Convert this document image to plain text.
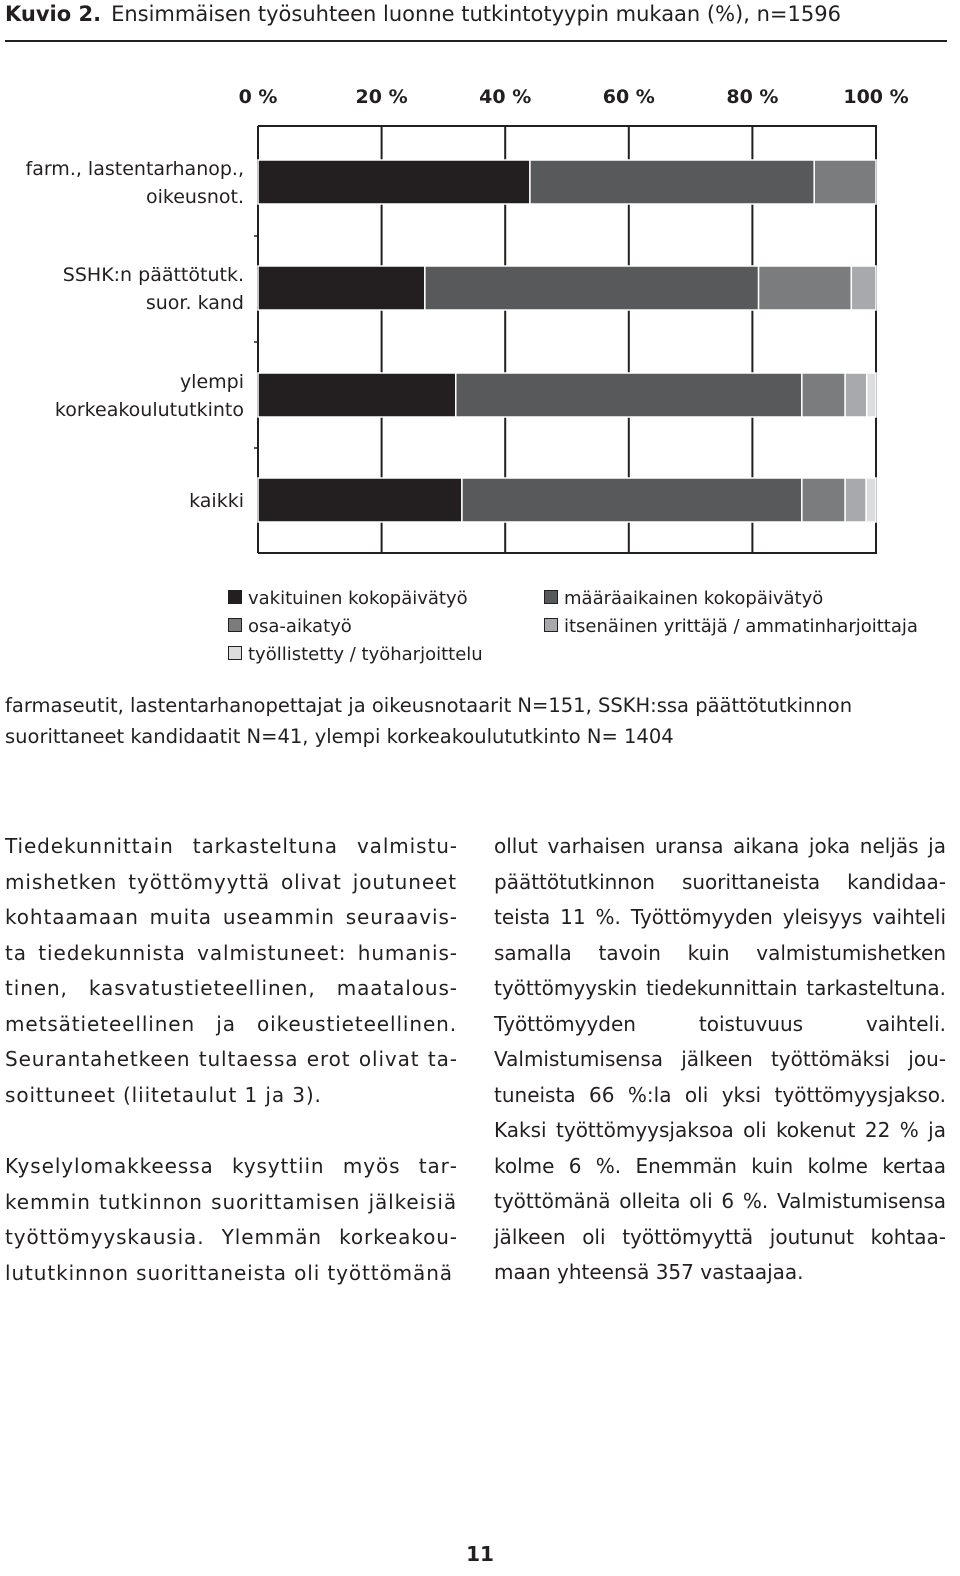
Kuvio 2. Ensimmäisen työsuhteen luonne tutkintotyypin mukaan (%), n=1596
0 %	20 %	40 %	60 %	80 %	100 %
farm., lastentarhanop.,
oikeusnot.
SSHK:n päättötutk.
suor. kand
ylempi
korkeakoulututkinto
kaikki
vakituinen kokopäivätyö
osa-aikatyö
työllistetty / työharjoittelu
määräaikainen kokopäivätyö
itsenäinen yrittäjä / ammatinharjoittaja
farmaseutit, lastentarhanopettajat ja oikeusnotaarit N=151, SSKH:ssa päättötutkinnon suorittaneet kandidaatit N=41, ylempi korkeakoulututkinto N= 1404

Tiedekunnittain tarkasteltuna valmistumishetken työttömyyttä olivat joutuneet kohtaamaan muita useammin seuraavista tiedekunnista valmistuneet: humanistinen, kasvatustieteellinen, maatalousmetsätieteellinen ja oikeustieteellinen. Seurantahetkeen tultaessa erot olivat tasoittuneet (liitetaulut 1 ja 3).

Kyselylomakkeessa kysyttiin myös tarkemmin tutkinnon suorittamisen jälkeisiä työttömyyskausia. Ylemmän korkeakoulututkinnon suorittaneista oli työttömänä

ollut varhaisen uransa aikana joka neljäs ja päättötutkinnon suorittaneista kandidaateista 11 %. Työttömyyden yleisyys vaihteli samalla tavoin kuin valmistumishetken työttömyyskin tiedekunnittain tarkasteltuna. Työttömyyden toistuvuus vaihteli. Valmistumisensa jälkeen työttömäksi joutuneista 66 %:la oli yksi työttömyysjakso. Kaksi työttömyysjaksoa oli kokenut 22 % ja kolme 6 %. Enemmän kuin kolme kertaa työttömänä olleita oli 6 %. Valmistumisensa jälkeen oli työttömyyttä joutunut kohtaamaan yhteensä 357 vastaajaa.

11
